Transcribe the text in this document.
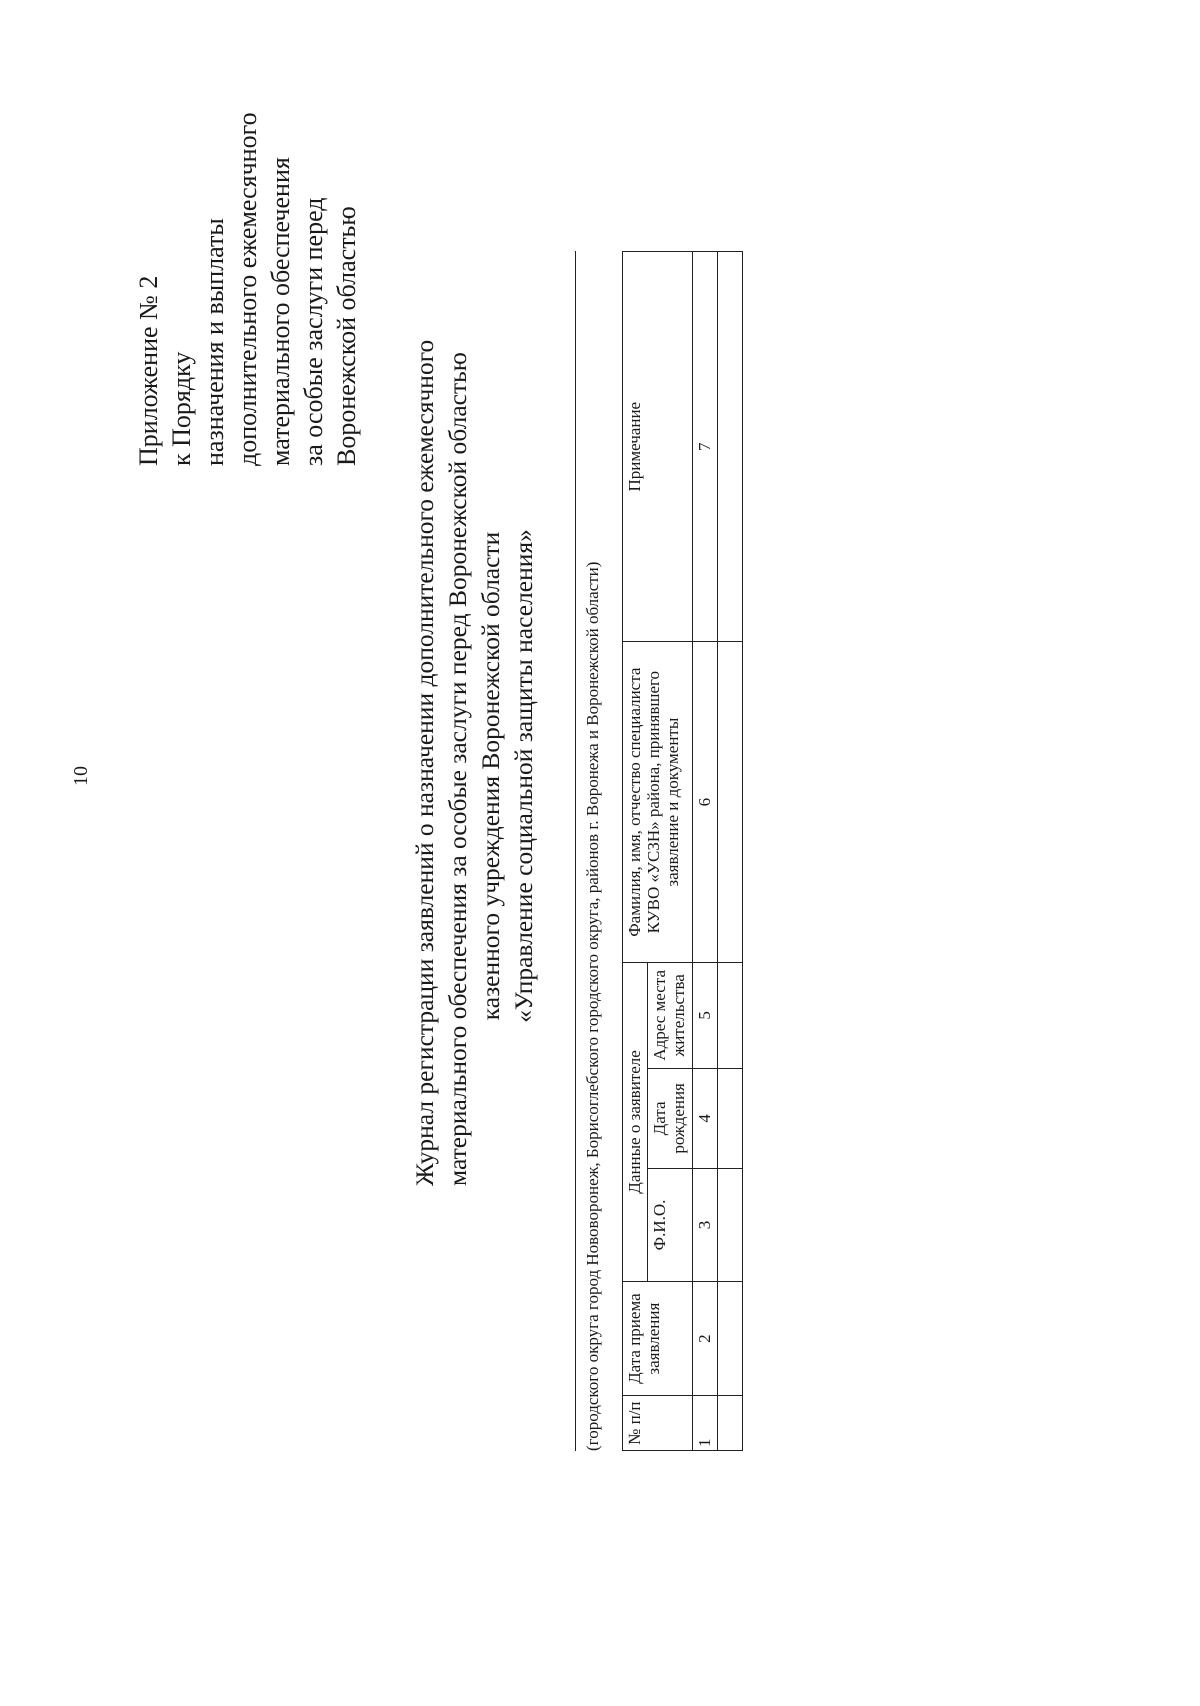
10
Приложение № 2 к Порядку назначения и выплаты дополнительного ежемесячного материального обеспечения за особые заслуги перед Воронежской областью
Журнал регистрации заявлений о назначении дополнительного ежемесячного материального обеспечения за особые заслуги перед Воронежской областью казенного учреждения Воронежской области «Управление социальной защиты населения»	(городского округа город Нововоронеж, Борисоглебского городского округа, районов г. Воронежа и Воронежской области) № п/п	Дата приема заявления	Данные о заявителе			Фамилия, имя, отчество специалиста КУВО «УСЗН» района, принявшего заявление и документы	Примечание
		Ф.И.О.	Дата рождения	Адрес места жительства		
1	2	3	4	5	6	7
